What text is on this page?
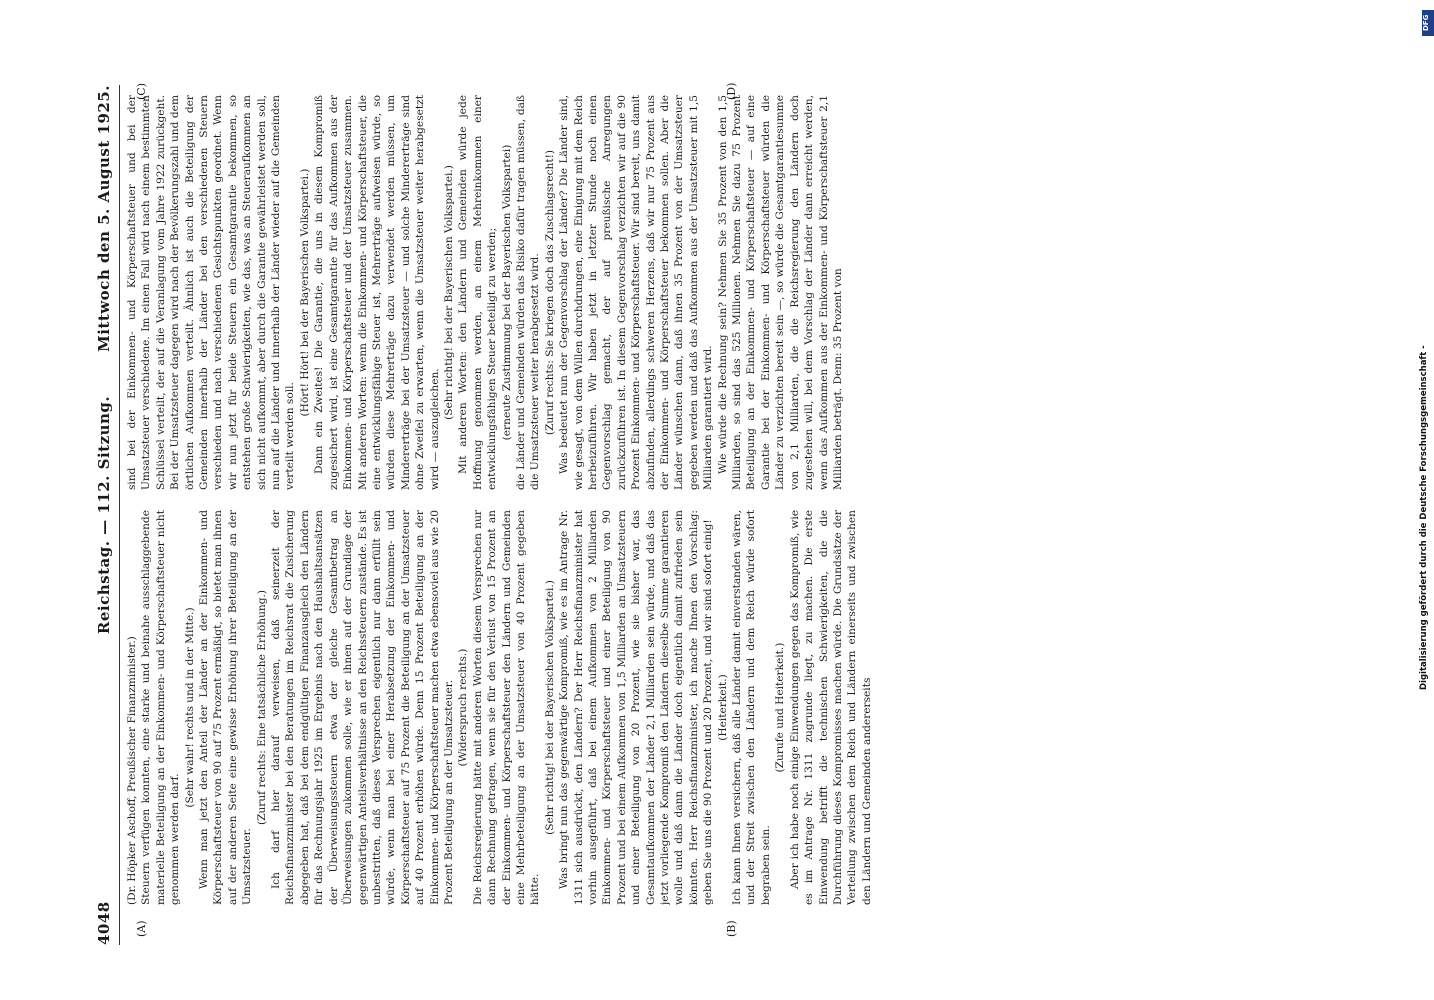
4048
Reichstag. — 112. Sitzung.
Mittwoch den 5. August 1925.
(A)	(B)
(C)	(D)

(Dr. Höpker Aschoff, Preußischer Finanzminister.) Steuern verfügen konnten, eine starke und beinahe ausschlaggebende materielle Beteiligung an der Einkommen- und Körperschaftsteuer nicht genommen werden darf.

(Sehr wahr! rechts und in der Mitte.) Wenn man jetzt den Anteil der Länder an der Einkommen- und Körperschaftsteuer von 90 auf 75 Prozent ermäßigt, so bietet man ihnen auf der anderen Seite eine gewisse Erhöhung ihrer Beteiligung an der Umsatzsteuer.

(Zuruf rechts: Eine tatsächliche Erhöhung.) Ich darf hier darauf verweisen, daß seinerzeit der Reichsfinanzminister bei den Beratungen im Reichsrat die Zusicherung abgegeben hat, daß bei dem endgültigen Finanzausgleich den Ländern für das Rechnungsjahr 1925 im Ergebnis nach den Haushaltsansätzen der Überweisungssteuern etwa der gleiche Gesamtbetrag an Überweisungen zukommen solle, wie er ihnen auf der Grundlage der gegenwärtigen Anteilsverhältnisse an den Reichssteuern zustände. Es ist unbestritten, daß dieses Versprechen eigentlich nur dann erfüllt sein würde, wenn man bei einer Herabsetzung der Einkommen- und Körperschaftsteuer auf 75 Prozent die Beteiligung an der Umsatzsteuer auf 40 Prozent erhöhen würde. Denn 15 Prozent Beteiligung an der Einkommen- und Körperschaftsteuer machen etwa ebensoviel aus wie 20 Prozent Beteiligung an der Umsatzsteuer. (Widerspruch rechts.) Die Reichsregierung hätte mit anderen Worten diesem Versprechen nur dann Rechnung getragen, wenn sie für den Verlust von 15 Prozent an der Einkommen- und Körperschaftsteuer den Ländern und Gemeinden eine Mehrbeteiligung an der Umsatzsteuer von 40 Prozent gegeben hätte.

(Sehr richtig! bei der Bayerischen Volkspartei.) Was bringt nun das gegenwärtige Kompromiß, wie es im Antrage Nr. 1311 sich ausdrückt, den Ländern? Der Herr Reichsfinanzminister hat vorhin ausgeführt, daß bei einem Aufkommen von 2 Milliarden Einkommen- und Körperschaftsteuer und einer Beteiligung von 90 Prozent und bei einem Aufkommen von 1,5 Milliarden an Umsatzsteuern und einer Beteiligung von 20 Prozent, wie sie bisher war, das Gesamtaufkommen der Länder 2,1 Milliarden sein würde, und daß das jetzt vorliegende Kompromiß den Ländern dieselbe Summe garantieren wolle und daß dann die Länder doch eigentlich damit zufrieden sein könnten. Herr Reichsfinanzminister, ich mache Ihnen den Vorschlag: geben Sie uns die 90 Prozent und 20 Prozent, und wir sind sofort einig! (Heiterkeit.) Ich kann Ihnen versichern, daß alle Länder damit einverstanden wären, und der Streit zwischen den Ländern und dem Reich würde sofort begraben sein.

(Zurufe und Heiterkeit.) Aber ich habe noch einige Einwendungen gegen das Kompromiß, wie es im Antrage Nr. 1311 zugrunde liegt, zu machen. Die erste Einwendung betrifft die technischen Schwierigkeiten, die die Durchführung dieses Kompromisses machen würde. Die Grundsätze der Verteilung zwischen dem Reich und Ländern einerseits und zwischen den Ländern und Gemeinden andererseits

sind bei der Einkommen- und Körperschaftsteuer und bei der Umsatzsteuer verschiedene. Im einen Fall wird nach einem bestimmten Schlüssel verteilt, der auf die Veranlagung vom Jahre 1922 zurückgeht. Bei der Umsatzsteuer dagegen wird nach der Bevölkerungszahl und dem örtlichen Aufkommen verteilt. Ähnlich ist auch die Beteiligung der Gemeinden innerhalb der Länder bei den verschiedenen Steuern verschieden und nach verschiedenen Gesichtspunkten geordnet. Wenn wir nun jetzt für beide Steuern ein Gesamtgarantie bekommen, so entstehen große Schwierigkeiten, wie das, was an Steueraufkommen an sich nicht aufkommt, aber durch die Garantie gewährleistet werden soll, nun auf die Länder und innerhalb der Länder wieder auf die Gemeinden verteilt werden soll.

(Hört! Hört! bei der Bayerischen Volkspartei.) Dann ein Zweites! Die Garantie, die uns in diesem Kompromiß zugesichert wird, ist eine Gesamtgarantie für das Aufkommen aus der Einkommen- und Körperschaftsteuer und der Umsatzsteuer zusammen. Mit anderen Worten: wenn die Einkommen- und Körperschaftsteuer, die eine entwicklungsfähige Steuer ist, Mehrerträge aufweisen würde, so würden diese Mehrerträge dazu verwendet werden müssen, um Mindererträge bei der Umsatzsteuer — und solche Mindererträge sind ohne Zweifel zu erwarten, wenn die Umsatzsteuer weiter herabgesetzt wird — auszugleichen.

(Sehr richtig! bei der Bayerischen Volkspartei.) Mit anderen Worten: den Ländern und Gemeinden würde jede Hoffnung genommen werden, an einem Mehreinkommen einer entwicklungsfähigen Steuer beteiligt zu werden; (erneute Zustimmung bei der Bayerischen Volkspartei) die Länder und Gemeinden würden das Risiko dafür tragen müssen, daß die Umsatzsteuer weiter herabgesetzt wird. (Zuruf rechts: Sie kriegen doch das Zuschlagsrecht!) Was bedeutet nun der Gegenvorschlag der Länder? Die Länder sind, wie gesagt, von dem Willen durchdrungen, eine Einigung mit dem Reich herbeizuführen. Wir haben jetzt in letzter Stunde noch einen Gegenvorschlag gemacht, der auf preußische Anregungen zurückzuführen ist. In diesem Gegenvorschlag verzichten wir auf die 90 Prozent Einkommen- und Körperschaftsteuer. Wir sind bereit, uns damit abzufinden, allerdings schweren Herzens, daß wir nur 75 Prozent aus der Einkommen- und Körperschaftsteuer bekommen sollen. Aber die Länder wünschen dann, daß ihnen 35 Prozent von der Umsatzsteuer gegeben werden und daß das Aufkommen aus der Umsatzsteuer mit 1,5 Milliarden garantiert wird. Wie würde die Rechnung sein? Nehmen Sie 35 Prozent von den 1,5 Milliarden, so sind das 525 Millionen. Nehmen Sie dazu 75 Prozent Beteiligung an der Einkommen- und Körperschaftsteuer — auf eine Garantie bei der Einkommen- und Körperschaftsteuer würden die Länder zu verzichten bereit sein —, so würde die Gesamtgarantiesumme von 2,1 Milliarden, die die Reichsregierung den Ländern doch zugestehen will, bei dem Vorschlag der Länder dann erreicht werden, wenn das Aufkommen aus der Einkommen- und Körperschaftsteuer 2,1 Milliarden beträgt. Denn: 35 Prozent von

DFG
Digitalisierung gefördert durch die Deutsche Forschungsgemeinschaft -
